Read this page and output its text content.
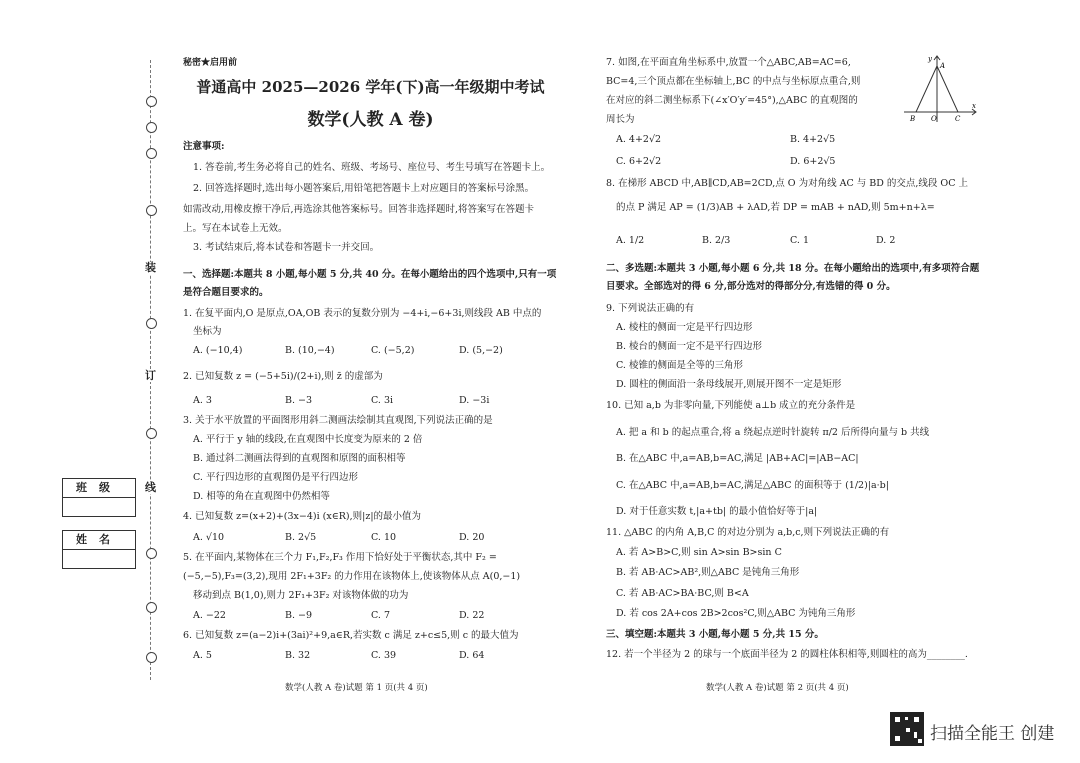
装
订
线
班级
姓名
秘密★启用前
普通高中 2025—2026 学年(下)高一年级期中考试
数学(人教 A 卷)
注意事项:
1. 答卷前,考生务必将自己的姓名、班级、考场号、座位号、考生号填写在答题卡上。
2. 回答选择题时,选出每小题答案后,用铅笔把答题卡上对应题目的答案标号涂黑。
如需改动,用橡皮擦干净后,再选涂其他答案标号。回答非选择题时,将答案写在答题卡
上。写在本试卷上无效。
3. 考试结束后,将本试卷和答题卡一并交回。
一、选择题:本题共 8 小题,每小题 5 分,共 40 分。在每小题给出的四个选项中,只有一项
是符合题目要求的。
1. 在复平面内,O 是原点,OA,OB 表示的复数分别为 −4+i,−6+3i,则线段 AB 中点的
坐标为
A. (−10,4)	B. (10,−4)	C. (−5,2)	D. (5,−2)
2. 已知复数 z = (−5+5i)/(2+i),则 z̄ 的虚部为
A. 3	B. −3	C. 3i	D. −3i
3. 关于水平放置的平面图形用斜二测画法绘制其直观图,下列说法正确的是
A. 平行于 y 轴的线段,在直观图中长度变为原来的 2 倍
B. 通过斜二测画法得到的直观图和原图的面积相等
C. 平行四边形的直观图仍是平行四边形
D. 相等的角在直观图中仍然相等
4. 已知复数 z=(x+2)+(3x−4)i (x∈R),则|z|的最小值为
A. √10	B. 2√5	C. 10	D. 20
5. 在平面内,某物体在三个力 F₁,F₂,F₃ 作用下恰好处于平衡状态,其中 F₂ =
(−5,−5),F₃=(3,2),现用 2F₁+3F₂ 的力作用在该物体上,使该物体从点 A(0,−1)
移动到点 B(1,0),则力 2F₁+3F₂ 对该物体做的功为
A. −22	B. −9	C. 7	D. 22
6. 已知复数 z=(a−2)i+(3ai)²+9,a∈R,若实数 c 满足 z+c≤5,则 c 的最大值为
A. 5	B. 32	C. 39	D. 64
数学(人教 A 卷)试题 第 1 页(共 4 页)
7. 如图,在平面直角坐标系中,放置一个△ABC,AB=AC=6,
BC=4,三个顶点都在坐标轴上,BC 的中点与坐标原点重合,则
在对应的斜二测坐标系下(∠x′O′y′=45°),△ABC 的直观图的
周长为
y
A
B O	C
x
A. 4+2√2	B. 4+2√5
C. 6+2√2	D. 6+2√5
8. 在梯形 ABCD 中,AB∥CD,AB=2CD,点 O 为对角线 AC 与 BD 的交点,线段 OC 上
的点 P 满足 AP = (1/3)AB + λAD,若 DP = mAB + nAD,则 5m+n+λ=
A. 1/2	B. 2/3	C. 1	D. 2
二、多选题:本题共 3 小题,每小题 6 分,共 18 分。在每小题给出的选项中,有多项符合题
目要求。全部选对的得 6 分,部分选对的得部分分,有选错的得 0 分。
9. 下列说法正确的有
A. 棱柱的侧面一定是平行四边形
B. 棱台的侧面一定不是平行四边形
C. 棱锥的侧面是全等的三角形
D. 圆柱的侧面沿一条母线展开,则展开图不一定是矩形
10. 已知 a,b 为非零向量,下列能使 a⊥b 成立的充分条件是
A. 把 a 和 b 的起点重合,将 a 绕起点逆时针旋转 π/2 后所得向量与 b 共线
B. 在△ABC 中,a=AB,b=AC,满足 |AB+AC|=|AB−AC|
C. 在△ABC 中,a=AB,b=AC,满足△ABC 的面积等于 (1/2)|a·b|
D. 对于任意实数 t,|a+tb| 的最小值恰好等于|a|
11. △ABC 的内角 A,B,C 的对边分别为 a,b,c,则下列说法正确的有
A. 若 A>B>C,则 sin A>sin B>sin C
B. 若 AB·AC>AB²,则△ABC 是钝角三角形
C. 若 AB·AC>BA·BC,则 B<A
D. 若 cos 2A+cos 2B>2cos²C,则△ABC 为钝角三角形
三、填空题:本题共 3 小题,每小题 5 分,共 15 分。
12. 若一个半径为 2 的球与一个底面半径为 2 的圆柱体积相等,则圆柱的高为________.
数学(人教 A 卷)试题 第 2 页(共 4 页)
扫描全能王 创建
